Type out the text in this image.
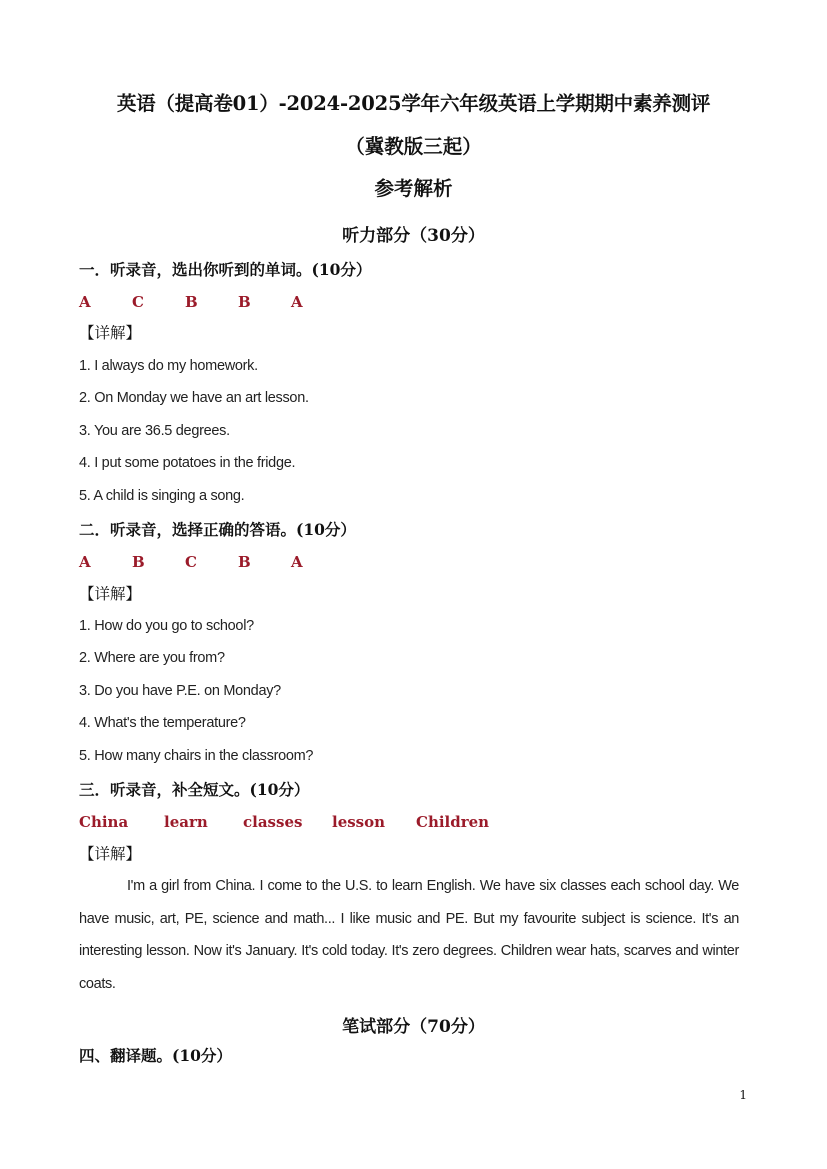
英语（提高卷01）-2024-2025学年六年级英语上学期期中素养测评
（冀教版三起）
参考解析
听力部分（30分）
一．听录音，选出你听到的单词。(10分）
A	C	B	B	A
【详解】
1. I always do my homework.
2. On Monday we have an art lesson.
3. You are 36.5 degrees.
4. I put some potatoes in the fridge.
5. A child is singing a song.
二．听录音，选择正确的答语。(10分）
A	B	C	B	A
【详解】
1. How do you go to school?
2. Where are you from?
3. Do you have P.E. on Monday?
4. What's the temperature?
5. How many chairs in the classroom?
三．听录音，补全短文。(10分）
China learn classes lesson Children
【详解】
I'm a girl from China. I come to the U.S. to learn English. We have six classes each school day. We have music, art, PE, science and math... I like music and PE. But my favourite subject is science. It's an interesting lesson. Now it's January. It's cold today. It's zero degrees. Children wear hats, scarves and winter coats.
笔试部分（70分）
四、翻译题。(10分）
1
